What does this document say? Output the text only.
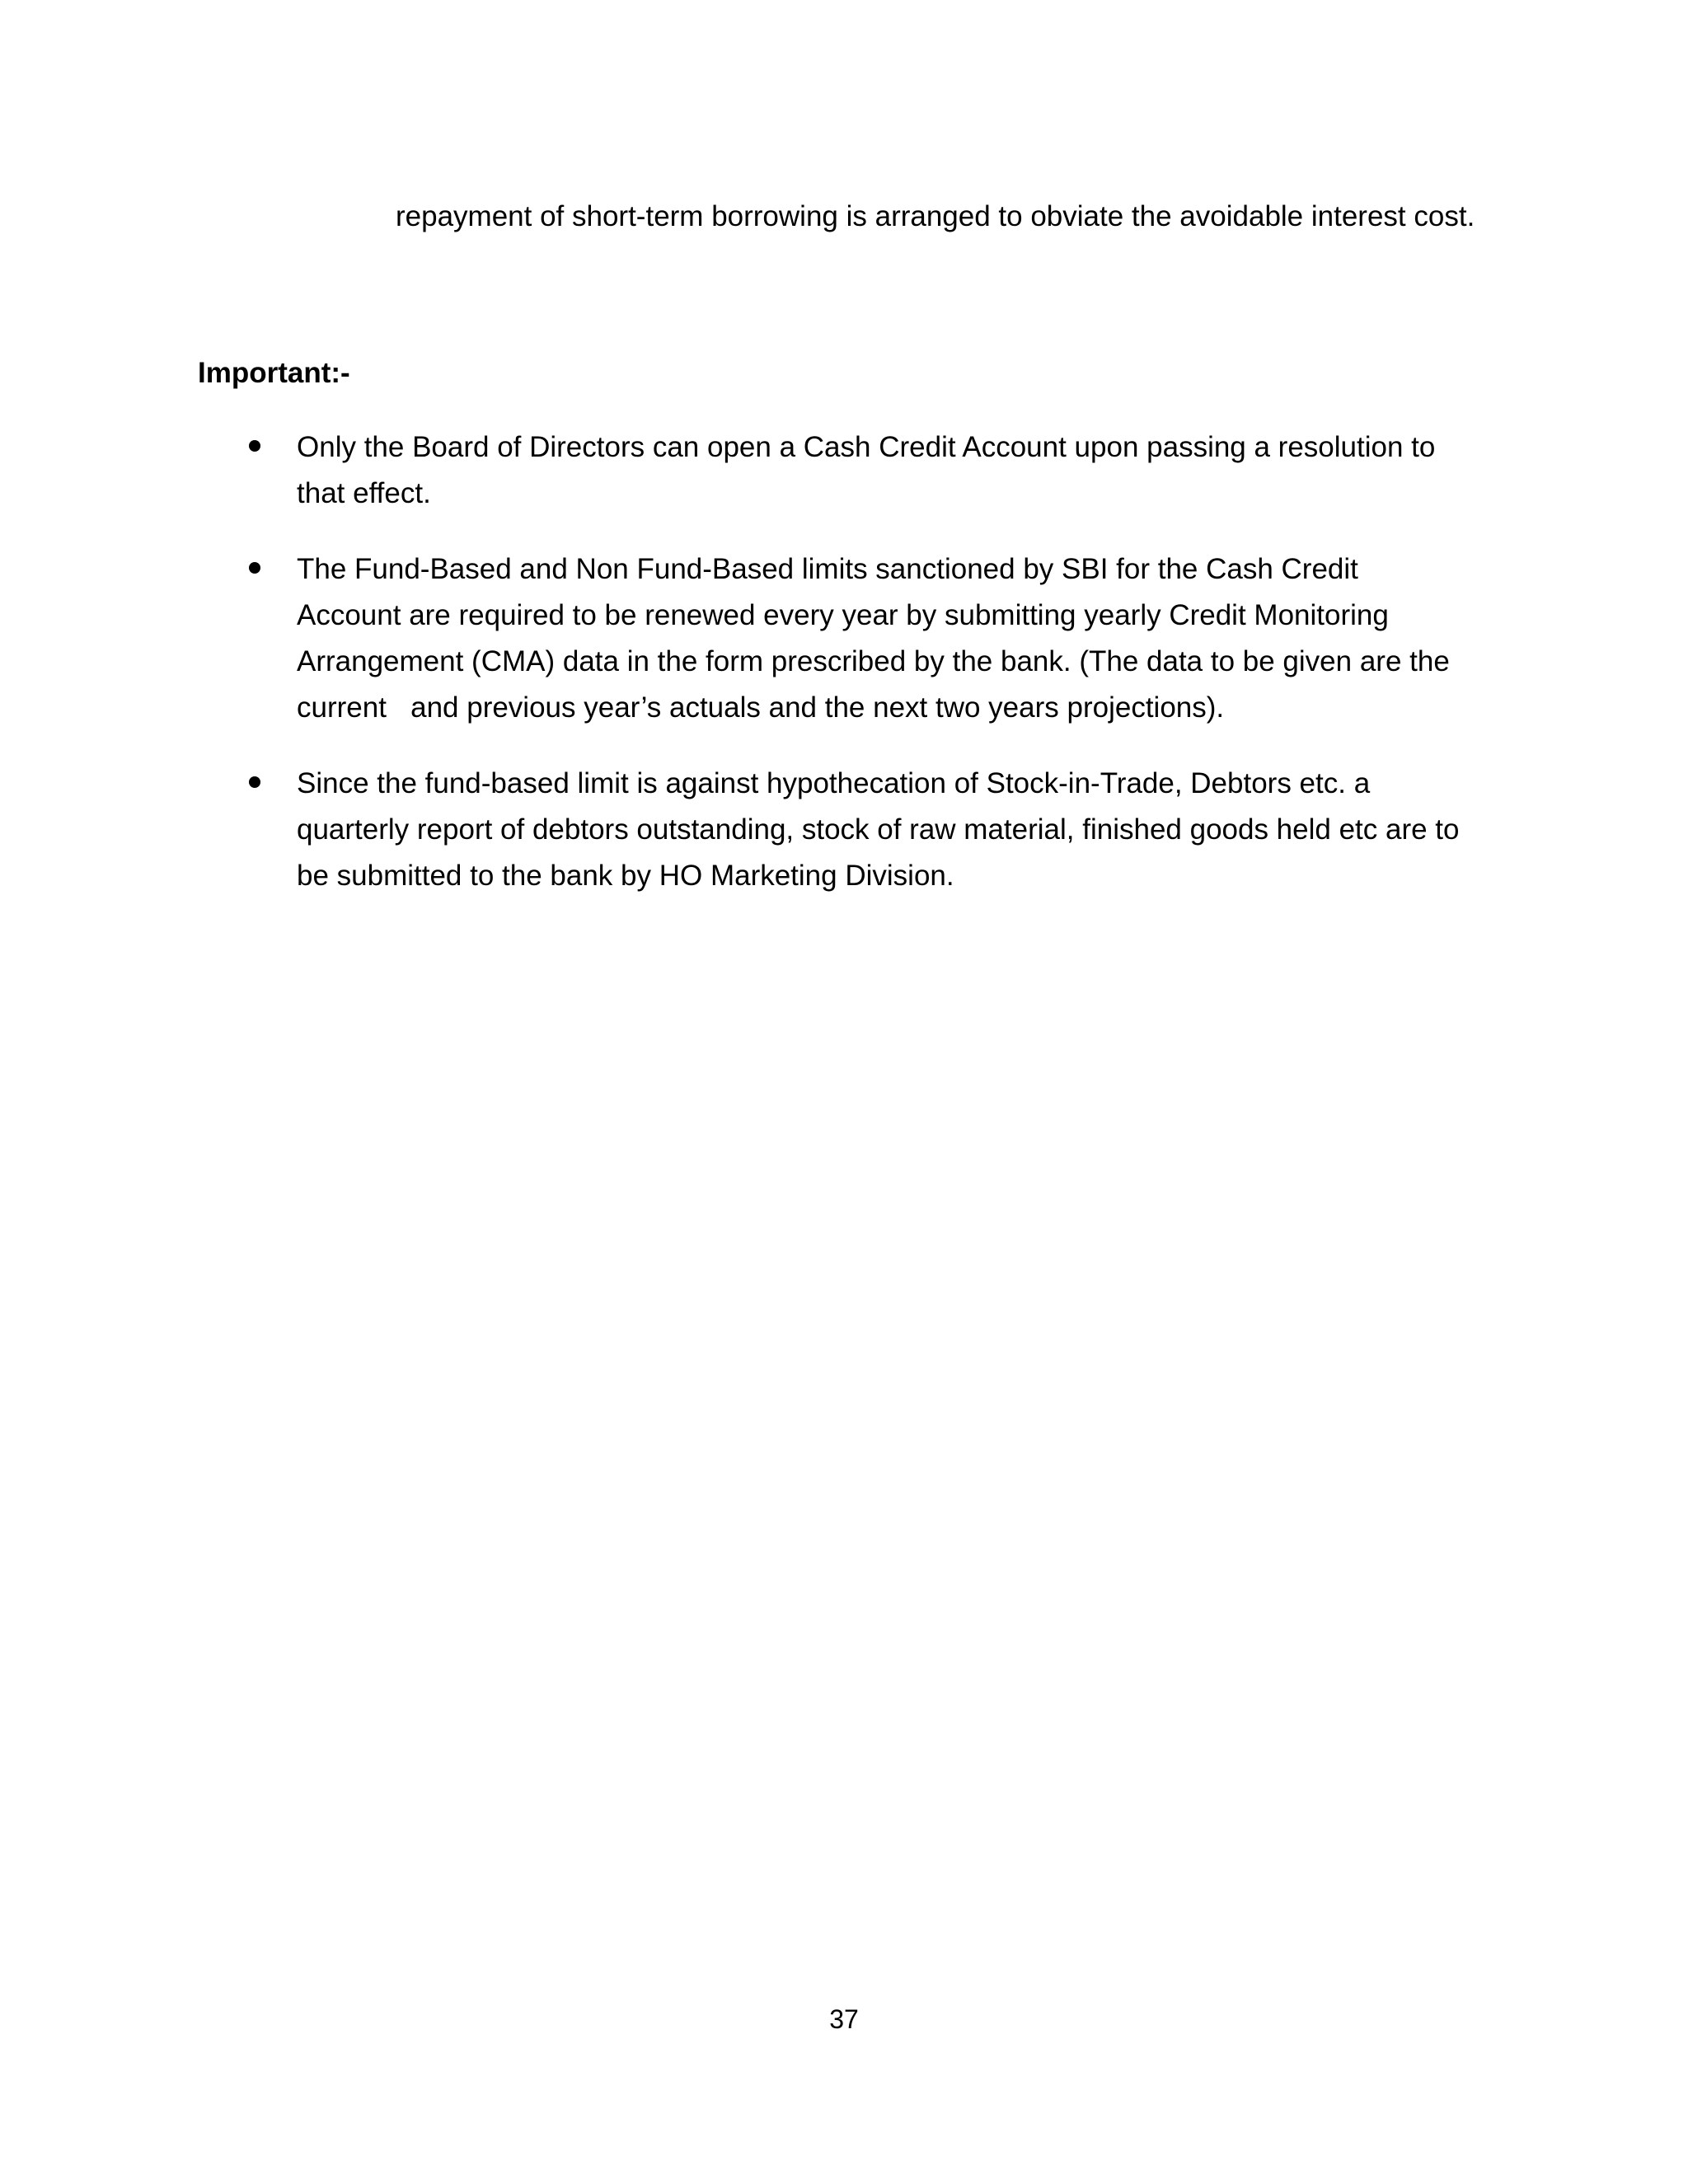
repayment of short-term borrowing is arranged to obviate the avoidable interest cost.

Important:-

Only the Board of Directors can open a Cash Credit Account upon passing a resolution to that effect.
The Fund-Based and Non Fund-Based limits sanctioned by SBI for the Cash Credit Account are required to be renewed every year by submitting yearly Credit Monitoring Arrangement (CMA) data in the form prescribed by the bank. (The data to be given are the current   and previous year’s actuals and the next two years projections).
Since the fund-based limit is against hypothecation of Stock-in-Trade, Debtors etc. a quarterly report of debtors outstanding, stock of raw material, finished goods held etc are to be submitted to the bank by HO Marketing Division.

37
